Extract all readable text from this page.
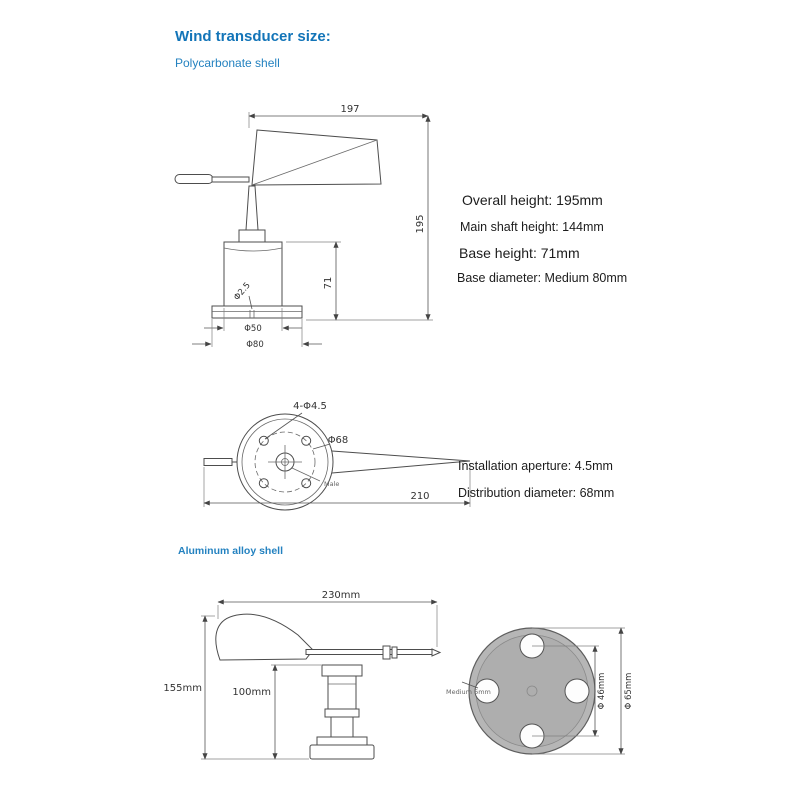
Wind transducer size:
Polycarbonate shell
197
195
71
Φ2.5
Φ50
Φ80
Overall height: 195mm
Main shaft height: 144mm
Base height: 71mm
Base diameter: Medium 80mm
4-Φ4.5
Φ68
Male
210
Installation aperture: 4.5mm
Distribution diameter: 68mm
Aluminum alloy shell
230mm
155mm	100mm	Φ 46mm Φ 65mm
Medium 6mm
